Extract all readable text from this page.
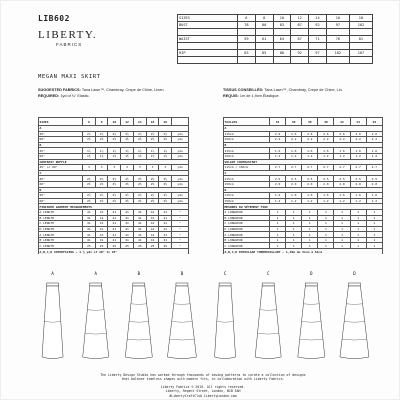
LIB602
LIBERTY.
FABRICS
SIZES	6	8	10	12	14	16	18
BUST	78	80	83	87	92	97	102

WAIST	59	61	64	67	71	76	81

HIP	83	85	88	92	97	102	107

MEGAN MAXI SKIRT
SUGGESTED FABRICS: Tana Lawn™, Chambray, Crepe de Chine, Linen.
REQUIRED: 1yd of ¾" Elastic.
TISSUS CONSEILLÉS: Tana Lawn™, Chambray, Crepe de Chine, Lin.
REQUIS: 1m de 1,9cm Élastique.
SIZES	6	8	10	12	14	16	18	
A								
45"	2⅞	2⅞	2⅞	2⅞	2⅞	2⅞	2⅞	yds
60"	2⅜	2⅜	2⅜	2⅜	2⅜	2⅜	2⅜	yds
B								
45"	1⅞	1⅞	1⅞	1⅞	1⅞	1⅞	1⅞	yds
60"	1⅜	1⅜	1⅜	1⅜	1⅜	1⅜	1⅜	yds
CONTRAST RUFFLE								
45" or 60"	3	3	3	3	3	3	3	yds
C								
45"	2⅝	2⅝	2⅝	2⅝	2⅝	2⅝	2⅝	yds
60"	2⅛	2⅛	2⅛	2⅛	2⅛	2⅛	2⅛	yds
D								
45"	2⅞	2⅞	2⅞	2⅞	2⅞	2⅞	2⅞	yds
60"	2⅜	2⅜	2⅜	2⅜	2⅜	2⅜	2⅜	yds
FINISHED GARMENT MEASUREMENTS								
A LENGTH	41	41	41	41	41	41	41	"
B LENGTH	41	41	41	41	41	41	41	"
C LENGTH	41	41	41	41	41	41	41	"
D LENGTH	41	41	41	41	41	41	41	"
A LENGTH	41	41	41	41	41	41	41	"
B LENGTH	41	41	41	41	41	41	41	"
C LENGTH	25	25	25	25	25	25	25	"
A,B,C,D INTERFACING - 1 ½ yds of 20" to 25"								
TAILLES	34	36	38	40	42	44	46
A							
115cm	2.6	2.6	2.6	2.6	2.6	2.6	2.6
150cm	2.2	2.2	2.2	2.2	2.2	2.2	2.2
B							
115cm	1.6	1.6	1.6	1.6	1.6	1.6	1.6
150cm	1.2	1.2	1.2	1.2	1.2	1.2	1.2
VOLANT CONTRASTANT							
115cm / 150cm	2.7	2.7	2.7	2.7	2.7	2.7	2.7
C							
115cm	2.5	2.5	2.5	2.5	2.5	2.5	2.5
150cm	2.0	2.0	2.0	2.0	2.0	2.0	2.0
D							
115cm	1.6	1.6	1.6	1.6	1.6	1.6	1.6
150cm	1.2	1.2	1.2	1.2	1.2	1.2	1.2
MESURES DU VÊTEMENT FINI							
A LONGUEUR	1	1	1	1	1	1	1
B LONGUEUR	1	1	1	1	1	1	1
C LONGUEUR	1	1	1	1	1	1	1
D LONGUEUR	1	1	1	1	1	1	1
A LONGUEUR	1	1	1	1	1	1	1
B LONGUEUR	1	1	1	1	1	1	1
C LONGUEUR	1	1	1	1	1	1	1
A,B,C,D ENTOILAGE THERMOCOLLANT - 1,30m de 51cm à 64cm							
A	A	B	B	C	C	D	D
The Liberty Design Studio has worked through thousands of sewing patterns to curate a collection of designs
that balance timeless shapes with modern fits, in collaboration with Liberty Fabrics.
Liberty Fabrics © 2019. All rights reserved.
Liberty, Regent Street, London, W1B 5AH
#LibertyCraftClub LibertyLondon.com
